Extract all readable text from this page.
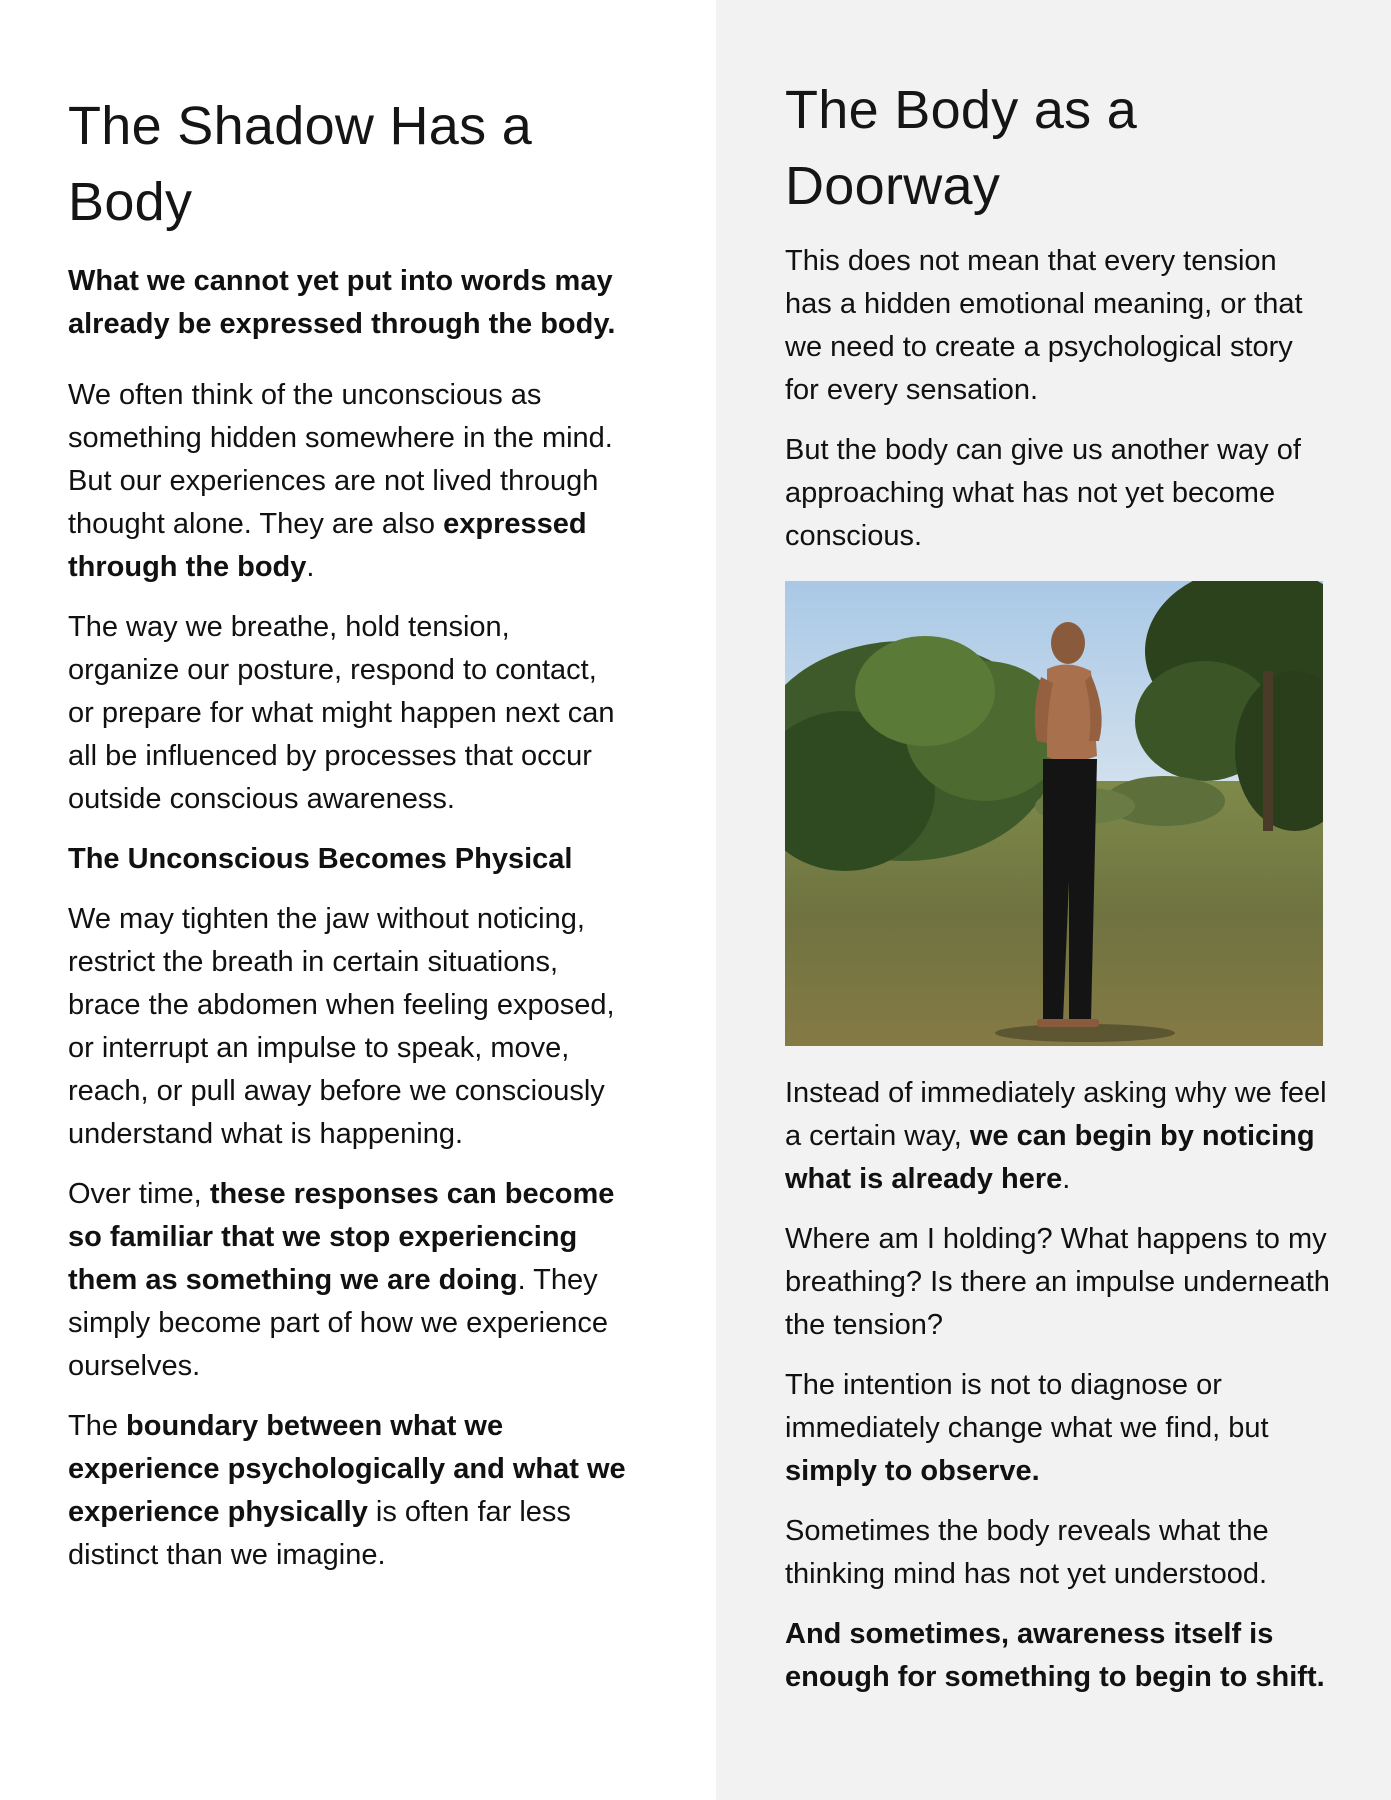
The Shadow Has a Body
What we cannot yet put into words may already be expressed through the body.

We often think of the unconscious as something hidden somewhere in the mind. But our experiences are not lived through thought alone. They are also expressed through the body.

The way we breathe, hold tension, organize our posture, respond to contact, or prepare for what might happen next can all be influenced by processes that occur outside conscious awareness.

The Unconscious Becomes Physical

We may tighten the jaw without noticing, restrict the breath in certain situations, brace the abdomen when feeling exposed, or interrupt an impulse to speak, move, reach, or pull away before we consciously understand what is happening.

Over time, these responses can become so familiar that we stop experiencing them as something we are doing. They simply become part of how we experience ourselves.

The boundary between what we experience psychologically and what we experience physically is often far less distinct than we imagine.

The Body as a Doorway

This does not mean that every tension has a hidden emotional meaning, or that we need to create a psychological story for every sensation.

But the body can give us another way of approaching what has not yet become conscious.

Instead of immediately asking why we feel a certain way, we can begin by noticing what is already here.

Where am I holding? What happens to my breathing? Is there an impulse underneath the tension?

The intention is not to diagnose or immediately change what we find, but simply to observe.

Sometimes the body reveals what the thinking mind has not yet understood.

And sometimes, awareness itself is enough for something to begin to shift.
